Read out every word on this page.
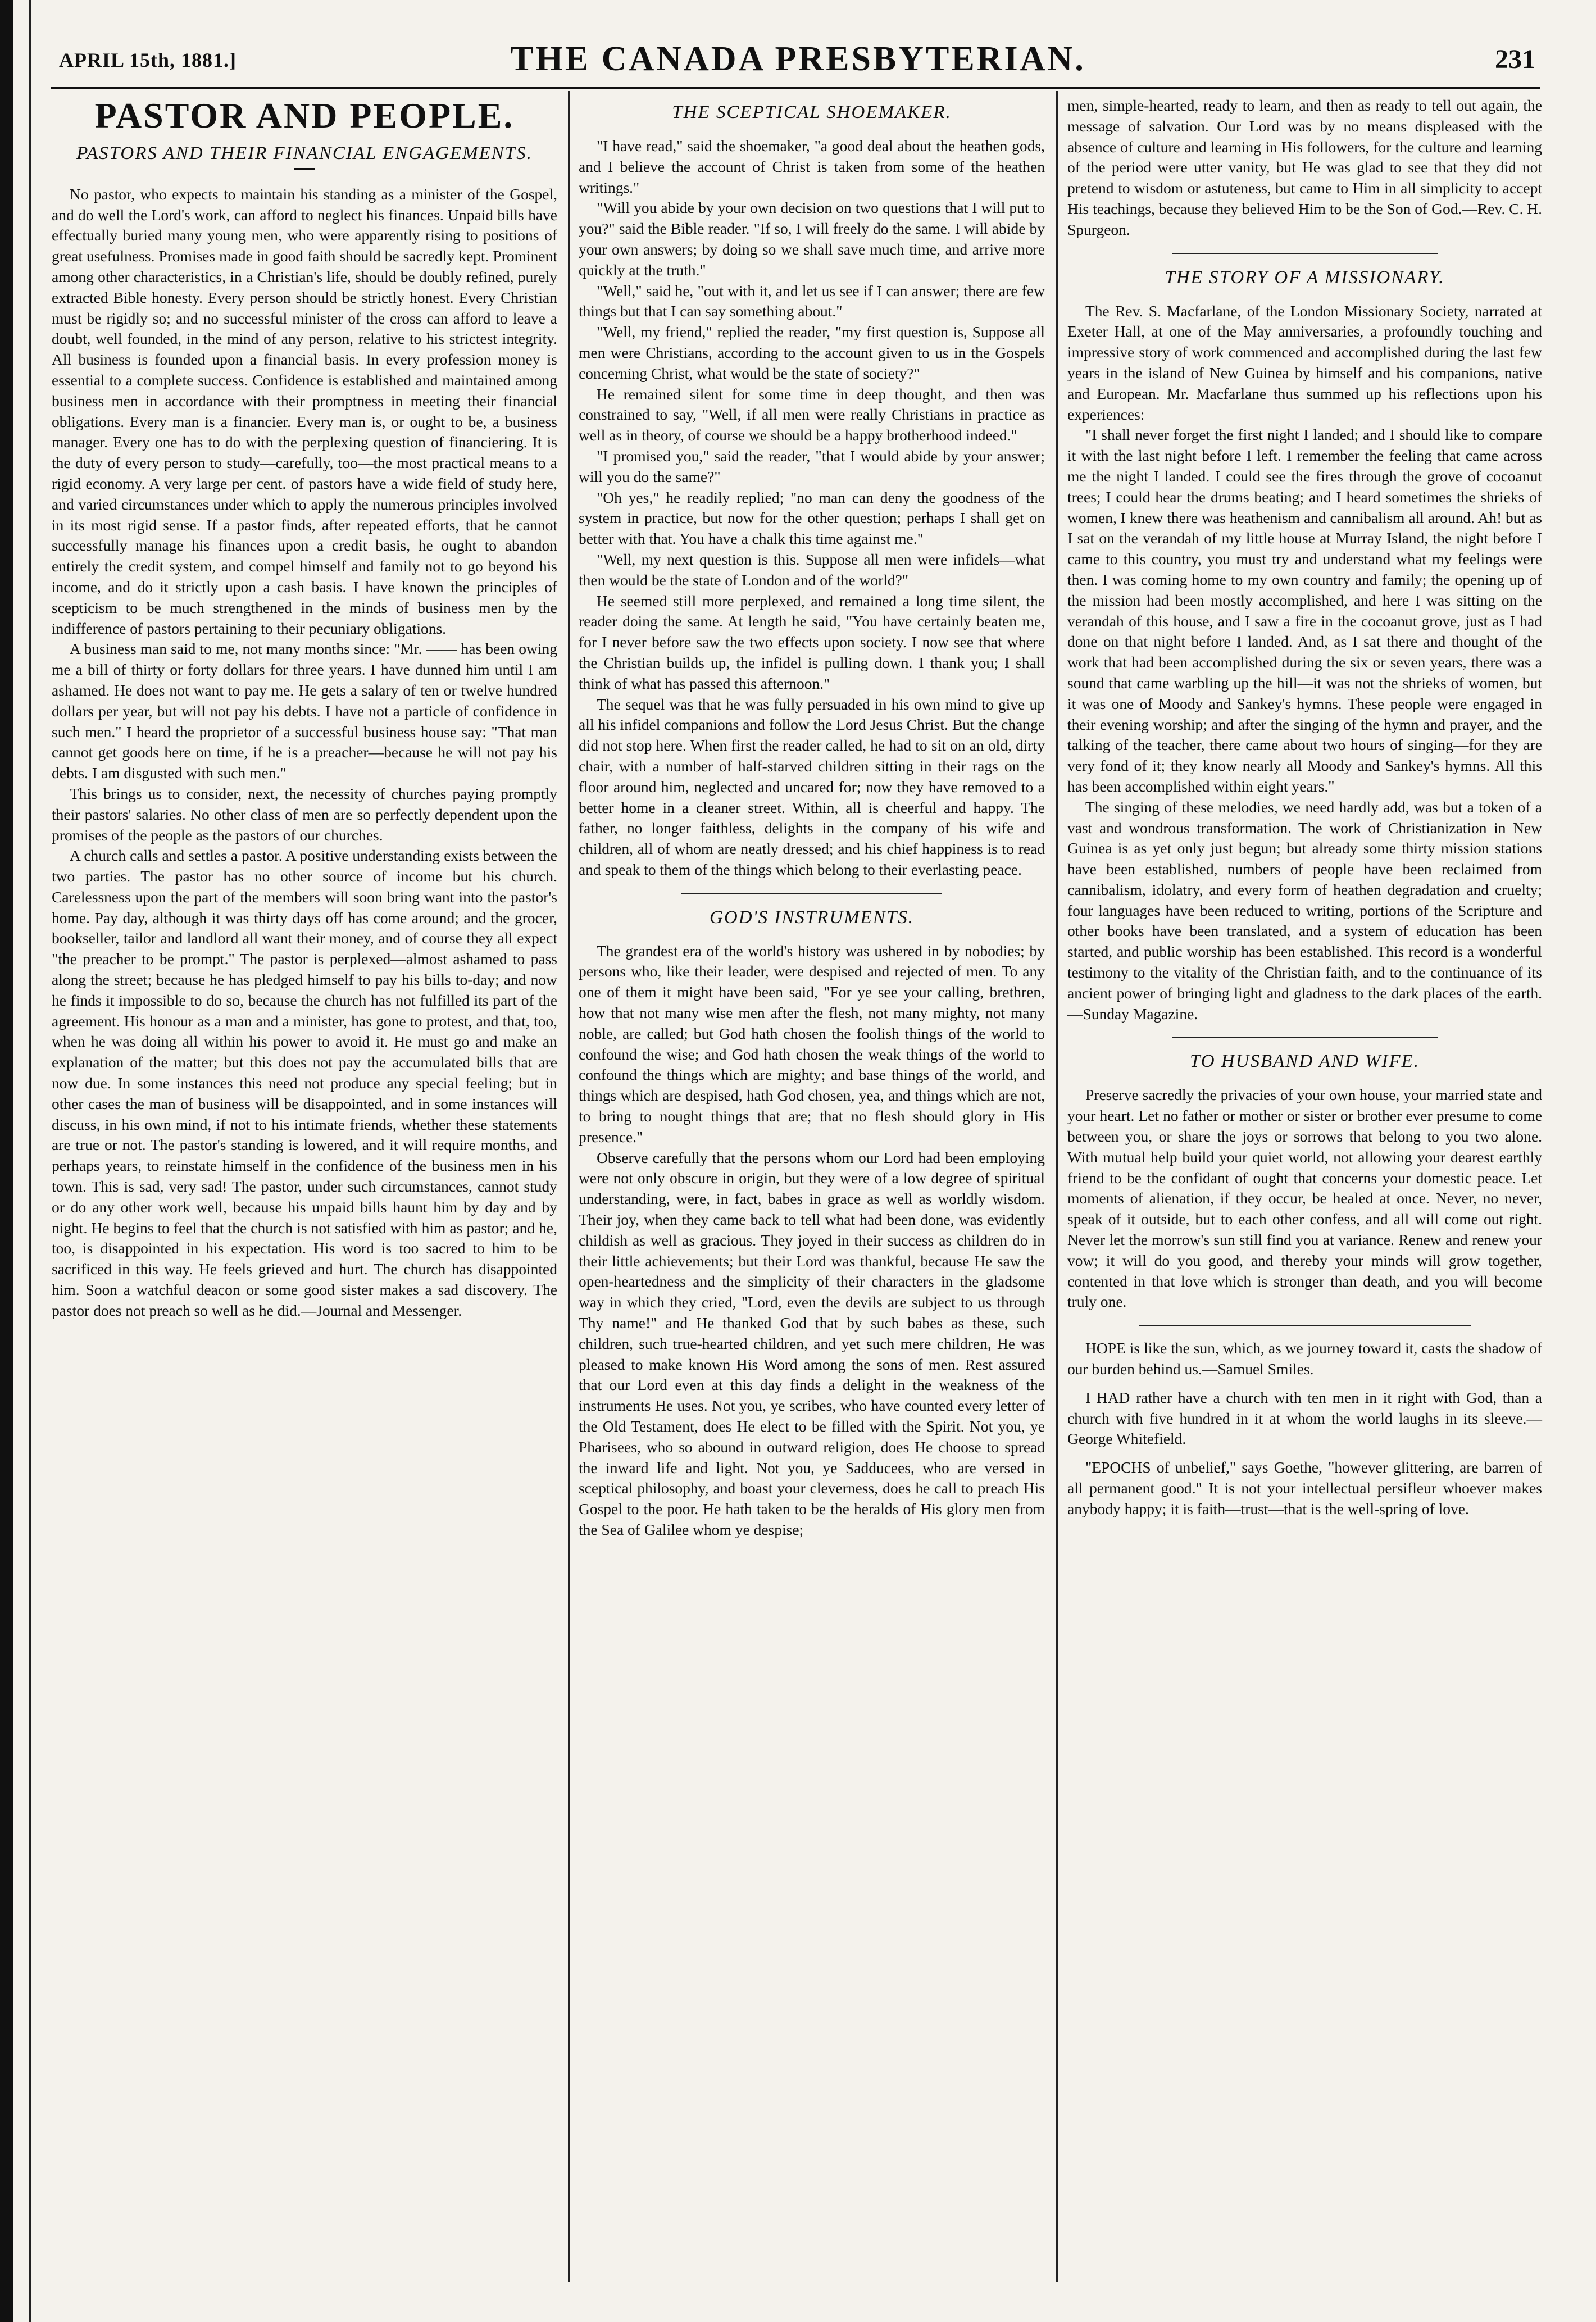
APRIL 15th, 1881.]	THE CANADA PRESBYTERIAN.	231
PASTOR AND PEOPLE.
PASTORS AND THEIR FINANCIAL ENGAGEMENTS.

No pastor, who expects to maintain his standing as a minister of the Gospel, and do well the Lord's work, can afford to neglect his finances. Unpaid bills have effectually buried many young men, who were apparently rising to positions of great usefulness. Promises made in good faith should be sacredly kept. Prominent among other characteristics, in a Christian's life, should be doubly refined, purely extracted Bible honesty. Every person should be strictly honest. Every Christian must be rigidly so; and no successful minister of the cross can afford to leave a doubt, well founded, in the mind of any person, relative to his strictest integrity. All business is founded upon a financial basis. In every profession money is essential to a complete success. Confidence is established and maintained among business men in accordance with their promptness in meeting their financial obligations. Every man is a financier. Every man is, or ought to be, a business manager. Every one has to do with the perplexing question of financiering. It is the duty of every person to study—carefully, too—the most practical means to a rigid economy. A very large per cent. of pastors have a wide field of study here, and varied circumstances under which to apply the numerous principles involved in its most rigid sense. If a pastor finds, after repeated efforts, that he cannot successfully manage his finances upon a credit basis, he ought to abandon entirely the credit system, and compel himself and family not to go beyond his income, and do it strictly upon a cash basis. I have known the principles of scepticism to be much strengthened in the minds of business men by the indifference of pastors pertaining to their pecuniary obligations.

A business man said to me, not many months since: "Mr. —— has been owing me a bill of thirty or forty dollars for three years. I have dunned him until I am ashamed. He does not want to pay me. He gets a salary of ten or twelve hundred dollars per year, but will not pay his debts. I have not a particle of confidence in such men." I heard the proprietor of a successful business house say: "That man cannot get goods here on time, if he is a preacher—because he will not pay his debts. I am disgusted with such men."

This brings us to consider, next, the necessity of churches paying promptly their pastors' salaries. No other class of men are so perfectly dependent upon the promises of the people as the pastors of our churches.

A church calls and settles a pastor. A positive understanding exists between the two parties. The pastor has no other source of income but his church. Carelessness upon the part of the members will soon bring want into the pastor's home. Pay day, although it was thirty days off has come around; and the grocer, bookseller, tailor and landlord all want their money, and of course they all expect "the preacher to be prompt." The pastor is perplexed—almost ashamed to pass along the street; because he has pledged himself to pay his bills to-day; and now he finds it impossible to do so, because the church has not fulfilled its part of the agreement. His honour as a man and a minister, has gone to protest, and that, too, when he was doing all within his power to avoid it. He must go and make an explanation of the matter; but this does not pay the accumulated bills that are now due. In some instances this need not produce any special feeling; but in other cases the man of business will be disappointed, and in some instances will discuss, in his own mind, if not to his intimate friends, whether these statements are true or not. The pastor's standing is lowered, and it will require months, and perhaps years, to reinstate himself in the confidence of the business men in his town. This is sad, very sad! The pastor, under such circumstances, cannot study or do any other work well, because his unpaid bills haunt him by day and by night. He begins to feel that the church is not satisfied with him as pastor; and he, too, is disappointed in his expectation. His word is too sacred to him to be sacrificed in this way. He feels grieved and hurt. The church has disappointed him. Soon a watchful deacon or some good sister makes a sad discovery. The pastor does not preach so well as he did.—Journal and Messenger.

THE SCEPTICAL SHOEMAKER.

"I have read," said the shoemaker, "a good deal about the heathen gods, and I believe the account of Christ is taken from some of the heathen writings."

"Will you abide by your own decision on two questions that I will put to you?" said the Bible reader. "If so, I will freely do the same. I will abide by your own answers; by doing so we shall save much time, and arrive more quickly at the truth."

"Well," said he, "out with it, and let us see if I can answer; there are few things but that I can say something about."

"Well, my friend," replied the reader, "my first question is, Suppose all men were Christians, according to the account given to us in the Gospels concerning Christ, what would be the state of society?"

He remained silent for some time in deep thought, and then was constrained to say, "Well, if all men were really Christians in practice as well as in theory, of course we should be a happy brotherhood indeed."

"I promised you," said the reader, "that I would abide by your answer; will you do the same?"

"Oh yes," he readily replied; "no man can deny the goodness of the system in practice, but now for the other question; perhaps I shall get on better with that. You have a chalk this time against me."

"Well, my next question is this. Suppose all men were infidels—what then would be the state of London and of the world?"

He seemed still more perplexed, and remained a long time silent, the reader doing the same. At length he said, "You have certainly beaten me, for I never before saw the two effects upon society. I now see that where the Christian builds up, the infidel is pulling down. I thank you; I shall think of what has passed this afternoon."

The sequel was that he was fully persuaded in his own mind to give up all his infidel companions and follow the Lord Jesus Christ. But the change did not stop here. When first the reader called, he had to sit on an old, dirty chair, with a number of half-starved children sitting in their rags on the floor around him, neglected and uncared for; now they have removed to a better home in a cleaner street. Within, all is cheerful and happy. The father, no longer faithless, delights in the company of his wife and children, all of whom are neatly dressed; and his chief happiness is to read and speak to them of the things which belong to their everlasting peace.

GOD'S INSTRUMENTS.

The grandest era of the world's history was ushered in by nobodies; by persons who, like their leader, were despised and rejected of men. To any one of them it might have been said, "For ye see your calling, brethren, how that not many wise men after the flesh, not many mighty, not many noble, are called; but God hath chosen the foolish things of the world to confound the wise; and God hath chosen the weak things of the world to confound the things which are mighty; and base things of the world, and things which are despised, hath God chosen, yea, and things which are not, to bring to nought things that are; that no flesh should glory in His presence."

Observe carefully that the persons whom our Lord had been employing were not only obscure in origin, but they were of a low degree of spiritual understanding, were, in fact, babes in grace as well as worldly wisdom. Their joy, when they came back to tell what had been done, was evidently childish as well as gracious. They joyed in their success as children do in their little achievements; but their Lord was thankful, because He saw the open-heartedness and the simplicity of their characters in the gladsome way in which they cried, "Lord, even the devils are subject to us through Thy name!" and He thanked God that by such babes as these, such children, such true-hearted children, and yet such mere children, He was pleased to make known His Word among the sons of men. Rest assured that our Lord even at this day finds a delight in the weakness of the instruments He uses. Not you, ye scribes, who have counted every letter of the Old Testament, does He elect to be filled with the Spirit. Not you, ye Pharisees, who so abound in outward religion, does He choose to spread the inward life and light. Not you, ye Sadducees, who are versed in sceptical philosophy, and boast your cleverness, does he call to preach His Gospel to the poor. He hath taken to be the heralds of His glory men from the Sea of Galilee whom ye despise;

men, simple-hearted, ready to learn, and then as ready to tell out again, the message of salvation. Our Lord was by no means displeased with the absence of culture and learning in His followers, for the culture and learning of the period were utter vanity, but He was glad to see that they did not pretend to wisdom or astuteness, but came to Him in all simplicity to accept His teachings, because they believed Him to be the Son of God.—Rev. C. H. Spurgeon.

THE STORY OF A MISSIONARY.

The Rev. S. Macfarlane, of the London Missionary Society, narrated at Exeter Hall, at one of the May anniversaries, a profoundly touching and impressive story of work commenced and accomplished during the last few years in the island of New Guinea by himself and his companions, native and European. Mr. Macfarlane thus summed up his reflections upon his experiences:

"I shall never forget the first night I landed; and I should like to compare it with the last night before I left. I remember the feeling that came across me the night I landed. I could see the fires through the grove of cocoanut trees; I could hear the drums beating; and I heard sometimes the shrieks of women, I knew there was heathenism and cannibalism all around. Ah! but as I sat on the verandah of my little house at Murray Island, the night before I came to this country, you must try and understand what my feelings were then. I was coming home to my own country and family; the opening up of the mission had been mostly accomplished, and here I was sitting on the verandah of this house, and I saw a fire in the cocoanut grove, just as I had done on that night before I landed. And, as I sat there and thought of the work that had been accomplished during the six or seven years, there was a sound that came warbling up the hill—it was not the shrieks of women, but it was one of Moody and Sankey's hymns. These people were engaged in their evening worship; and after the singing of the hymn and prayer, and the talking of the teacher, there came about two hours of singing—for they are very fond of it; they know nearly all Moody and Sankey's hymns. All this has been accomplished within eight years."

The singing of these melodies, we need hardly add, was but a token of a vast and wondrous transformation. The work of Christianization in New Guinea is as yet only just begun; but already some thirty mission stations have been established, numbers of people have been reclaimed from cannibalism, idolatry, and every form of heathen degradation and cruelty; four languages have been reduced to writing, portions of the Scripture and other books have been translated, and a system of education has been started, and public worship has been established. This record is a wonderful testimony to the vitality of the Christian faith, and to the continuance of its ancient power of bringing light and gladness to the dark places of the earth.—Sunday Magazine.

TO HUSBAND AND WIFE.

Preserve sacredly the privacies of your own house, your married state and your heart. Let no father or mother or sister or brother ever presume to come between you, or share the joys or sorrows that belong to you two alone. With mutual help build your quiet world, not allowing your dearest earthly friend to be the confidant of ought that concerns your domestic peace. Let moments of alienation, if they occur, be healed at once. Never, no never, speak of it outside, but to each other confess, and all will come out right. Never let the morrow's sun still find you at variance. Renew and renew your vow; it will do you good, and thereby your minds will grow together, contented in that love which is stronger than death, and you will become truly one.

HOPE is like the sun, which, as we journey toward it, casts the shadow of our burden behind us.—Samuel Smiles.

I HAD rather have a church with ten men in it right with God, than a church with five hundred in it at whom the world laughs in its sleeve.—George Whitefield.

"EPOCHS of unbelief," says Goethe, "however glittering, are barren of all permanent good." It is not your intellectual persifleur whoever makes anybody happy; it is faith—trust—that is the well-spring of love.
